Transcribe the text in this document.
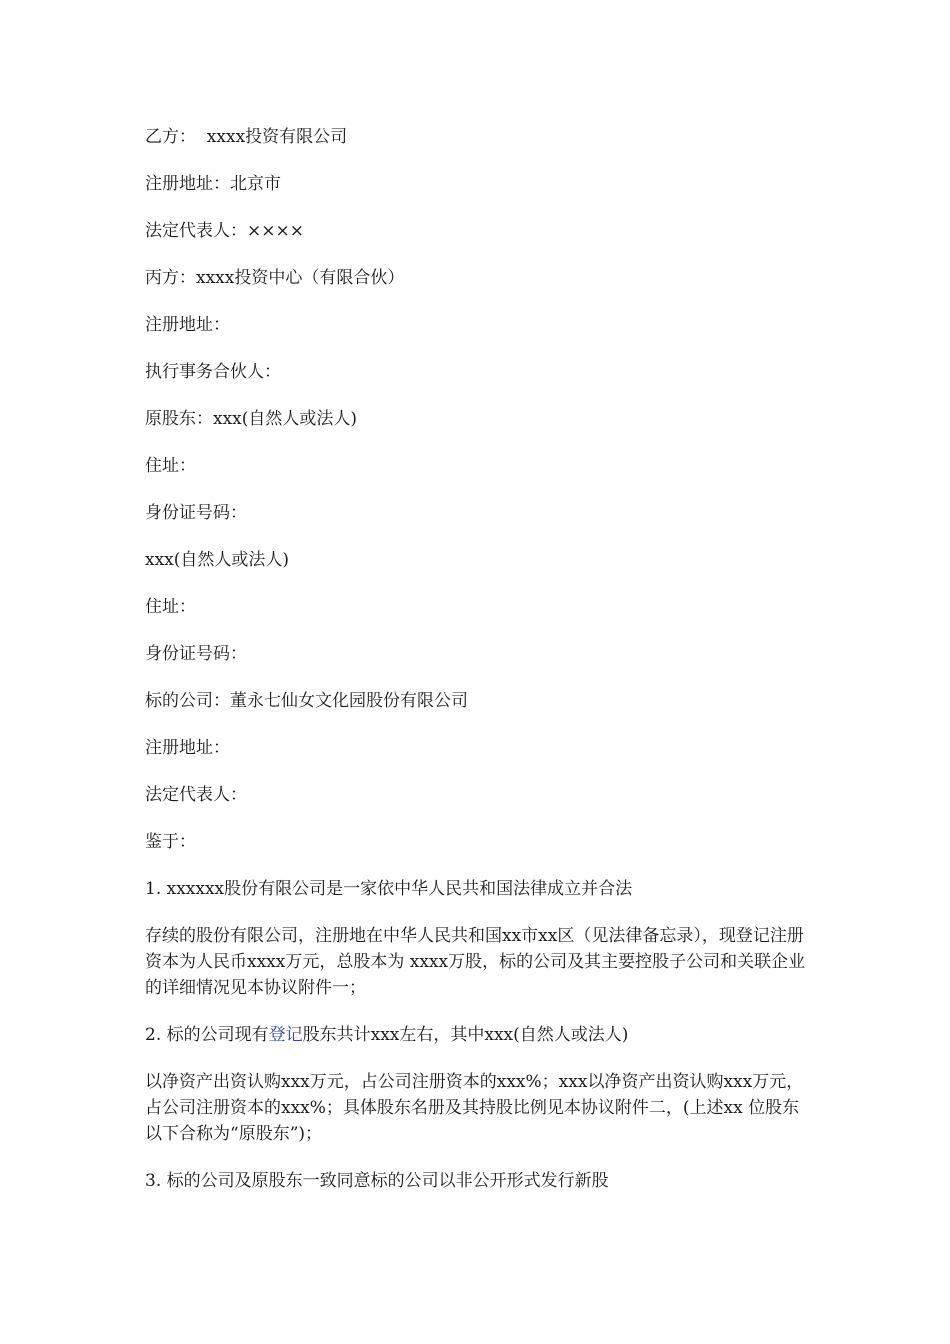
乙方：  xxxx投资有限公司

注册地址：北京市

法定代表人：××××

丙方：xxxx投资中心（有限合伙）

注册地址：

执行事务合伙人：

原股东：xxx(自然人或法人)

住址：

身份证号码：

xxx(自然人或法人)

住址：

身份证号码：

标的公司：董永七仙女文化园股份有限公司

注册地址：

法定代表人：

鉴于：

1. xxxxxx股份有限公司是一家依中华人民共和国法律成立并合法

存续的股份有限公司，注册地在中华人民共和国xx市xx区（见法律备忘录），现登记注册资本为人民币xxxx万元，总股本为 xxxx万股，标的公司及其主要控股子公司和关联企业的详细情况见本协议附件一；

2. 标的公司现有登记股东共计xxx左右，其中xxx(自然人或法人)

以净资产出资认购xxx万元，占公司注册资本的xxx%；xxx以净资产出资认购xxx万元，占公司注册资本的xxx%；具体股东名册及其持股比例见本协议附件二，(上述xx 位股东以下合称为“原股东”)；

3. 标的公司及原股东一致同意标的公司以非公开形式发行新股
